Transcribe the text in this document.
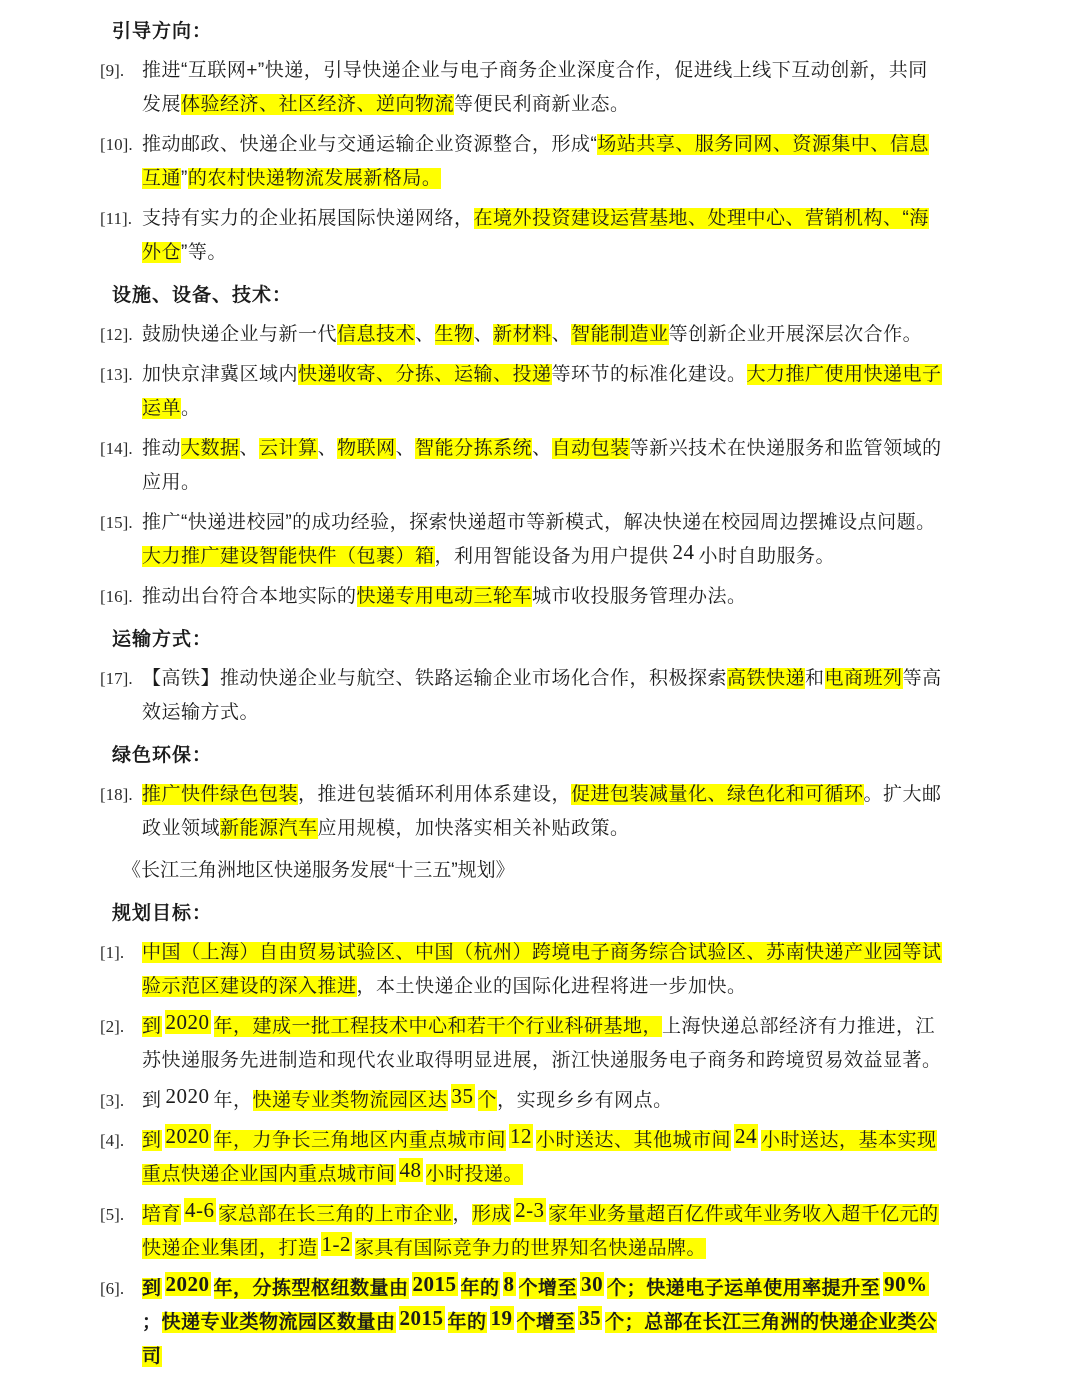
引导方向：
[9]. 推进“互联网+”快递，引导快递企业与电子商务企业深度合作，促进线上线下互动创新，共同发展体验经济、社区经济、逆向物流等便民利商新业态。
[10]. 推动邮政、快递企业与交通运输企业资源整合，形成“场站共享、服务同网、资源集中、信息互通”的农村快递物流发展新格局。
[11]. 支持有实力的企业拓展国际快递网络，在境外投资建设运营基地、处理中心、营销机构、“海外仓”等。
设施、设备、技术：
[12]. 鼓励快递企业与新一代信息技术、生物、新材料、智能制造业等创新企业开展深层次合作。
[13]. 加快京津冀区域内快递收寄、分拣、运输、投递等环节的标准化建设。大力推广使用快递电子运单。
[14]. 推动大数据、云计算、物联网、智能分拣系统、自动包装等新兴技术在快递服务和监管领域的应用。
[15]. 推广“快递进校园”的成功经验，探索快递超市等新模式，解决快递在校园周边摆摊设点问题。大力推广建设智能快件（包裹）箱，利用智能设备为用户提供 24 小时自助服务。
[16]. 推动出台符合本地实际的快递专用电动三轮车城市收投服务管理办法。
运输方式：
[17]. 【高铁】推动快递企业与航空、铁路运输企业市场化合作，积极探索高铁快递和电商班列等高效运输方式。
绿色环保：
[18]. 推广快件绿色包装，推进包装循环利用体系建设，促进包装减量化、绿色化和可循环。扩大邮政业领域新能源汽车应用规模，加快落实相关补贴政策。
《长江三角洲地区快递服务发展“十三五”规划》
规划目标：
[1]. 中国（上海）自由贸易试验区、中国（杭州）跨境电子商务综合试验区、苏南快递产业园等试验示范区建设的深入推进，本土快递企业的国际化进程将进一步加快。
[2]. 到 2020 年，建成一批工程技术中心和若干个行业科研基地，上海快递总部经济有力推进，江苏快递服务先进制造和现代农业取得明显进展，浙江快递服务电子商务和跨境贸易效益显著。
[3]. 到 2020 年，快递专业类物流园区达 35 个，实现乡乡有网点。
[4]. 到 2020 年，力争长三角地区内重点城市间 12 小时送达、其他城市间 24 小时送达，基本实现重点快递企业国内重点城市间 48 小时投递。
[5]. 培育 4-6 家总部在长三角的上市企业，形成 2-3 家年业务量超百亿件或年业务收入超千亿元的快递企业集团，打造 1-2 家具有国际竞争力的世界知名快递品牌。
[6]. 到 2020 年，分拣型枢纽数量由 2015 年的 8 个增至 30 个；快递电子运单使用率提升至 90%；快递专业类物流园区数量由 2015 年的 19 个增至 35 个；总部在长江三角洲的快递企业类公司
